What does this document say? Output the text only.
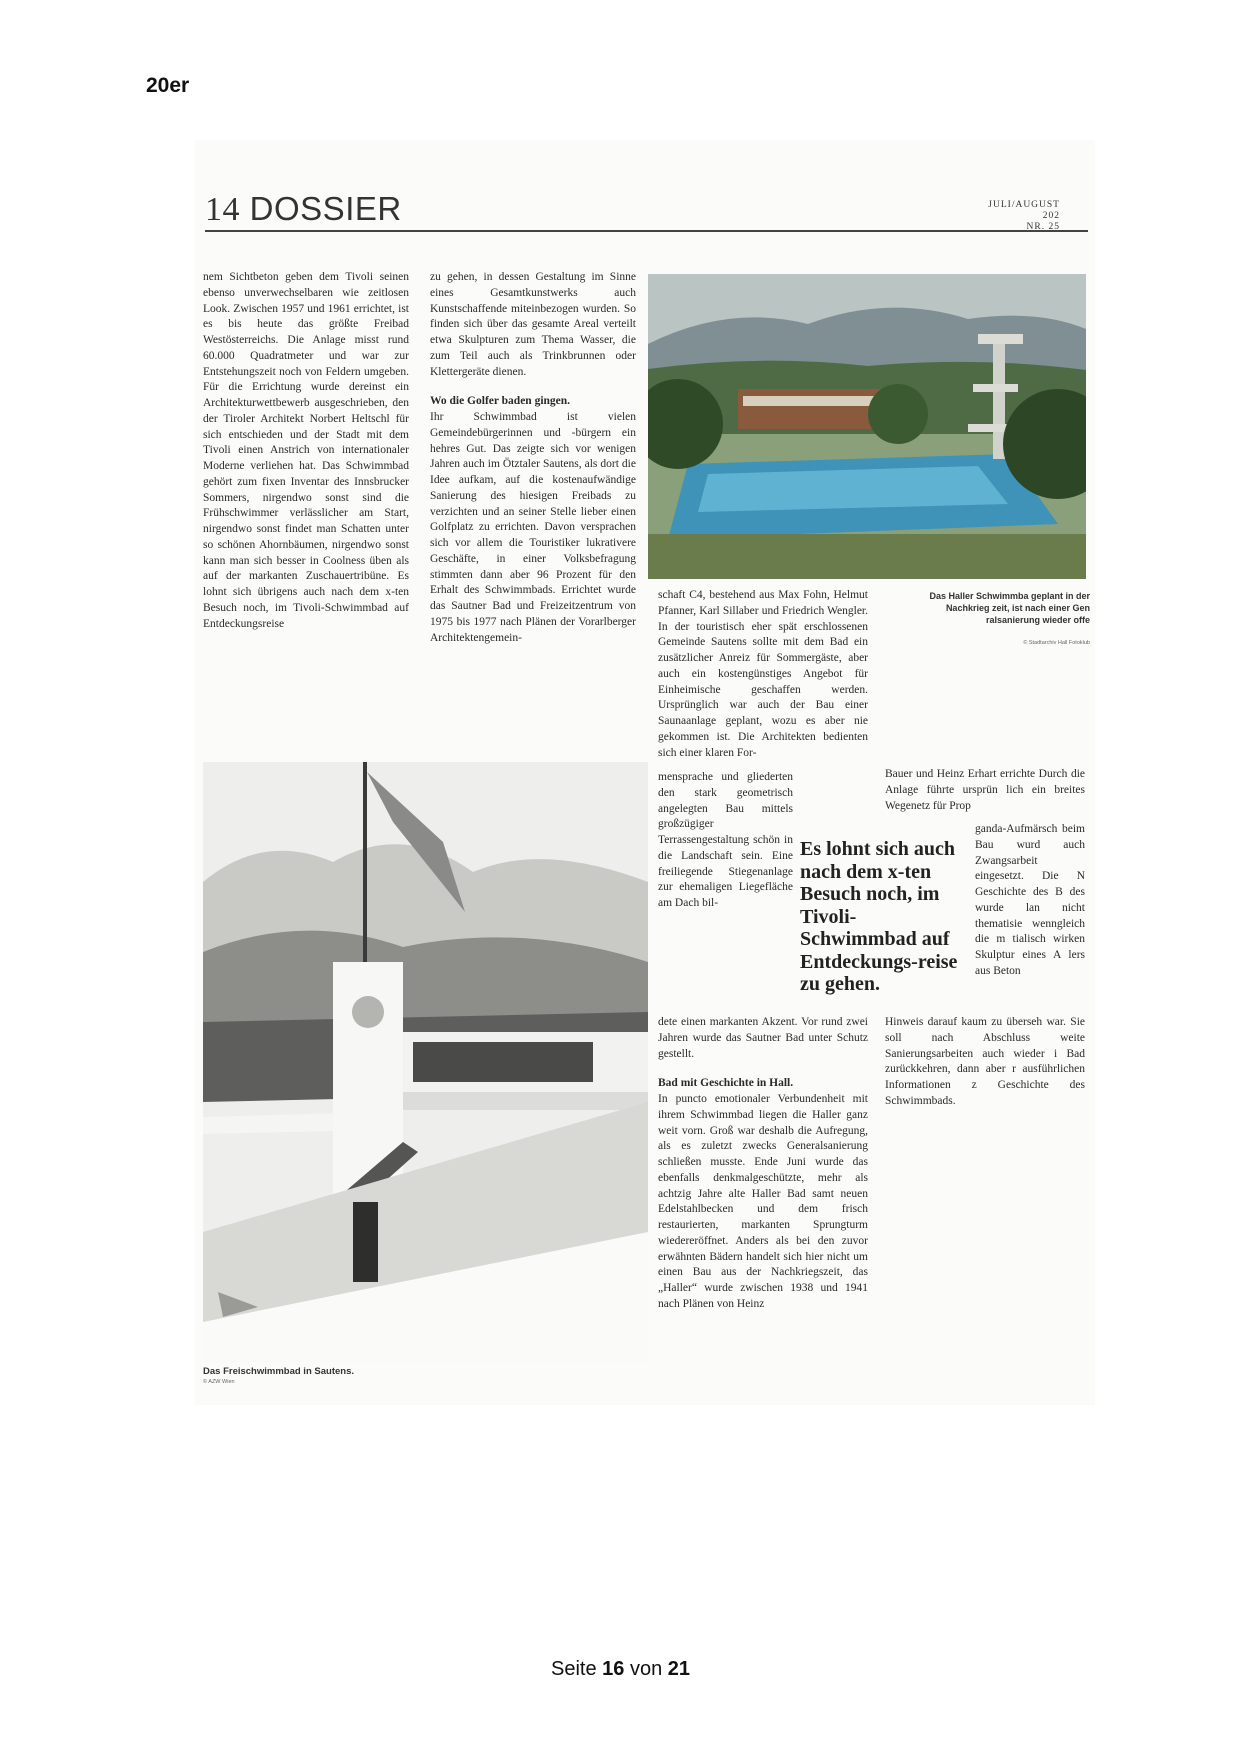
20er
14 DOSSIER	JULI/AUGUST 202
NR. 25

nem Sichtbeton geben dem Tivoli seinen ebenso unverwechselbaren wie zeitlosen Look. Zwischen 1957 und 1961 errichtet, ist es bis heute das größte Freibad Westösterreichs. Die Anlage misst rund 60.000 Quadratmeter und war zur Entstehungszeit noch von Feldern umgeben. Für die Errichtung wurde dereinst ein Architekturwettbewerb ausgeschrieben, den der Tiroler Architekt Norbert Heltschl für sich entschieden und der Stadt mit dem Tivoli einen Anstrich von internationaler Moderne verliehen hat. Das Schwimmbad gehört zum fixen Inventar des Innsbrucker Sommers, nirgendwo sonst sind die Frühschwimmer verlässlicher am Start, nirgendwo sonst findet man Schatten unter so schönen Ahornbäumen, nirgendwo sonst kann man sich besser in Coolness üben als auf der markanten Zuschauertribüne. Es lohnt sich übrigens auch nach dem x-ten Besuch noch, im Tivoli-Schwimmbad auf Entdeckungsreise

zu gehen, in dessen Gestaltung im Sinne eines Gesamtkunstwerks auch Kunstschaffende miteinbezogen wurden. So finden sich über das gesamte Areal verteilt etwa Skulpturen zum Thema Wasser, die zum Teil auch als Trinkbrunnen oder Klettergeräte dienen.

Wo die Golfer baden gingen.

Ihr Schwimmbad ist vielen Gemeindebürgerinnen und -bürgern ein hehres Gut. Das zeigte sich vor wenigen Jahren auch im Ötztaler Sautens, als dort die Idee aufkam, auf die kostenaufwändige Sanierung des hiesigen Freibads zu verzichten und an seiner Stelle lieber einen Golfplatz zu errichten. Davon versprachen sich vor allem die Touristiker lukrativere Geschäfte, in einer Volksbefragung stimmten dann aber 96 Prozent für den Erhalt des Schwimmbads. Errichtet wurde das Sautner Bad und Freizeitzentrum von 1975 bis 1977 nach Plänen der Vorarlberger Architektengemein-

Das Haller Schwimmba geplant in der Nachkrieg zeit, ist nach einer Gen ralsanierung wieder offe
© Stadtarchiv Hall Fotoklub

schaft C4, bestehend aus Max Fohn, Helmut Pfanner, Karl Sillaber und Friedrich Wengler. In der touristisch eher spät erschlossenen Gemeinde Sautens sollte mit dem Bad ein zusätzlicher Anreiz für Sommergäste, aber auch ein kostengünstiges Angebot für Einheimische geschaffen werden. Ursprünglich war auch der Bau einer Saunaanlage geplant, wozu es aber nie gekommen ist. Die Architekten bedienten sich einer klaren For-

mensprache und gliederten den stark geometrisch angelegten Bau mittels großzügiger Terrassengestaltung schön in die Landschaft sein. Eine freiliegende Stiegenanlage zur ehemaligen Liegefläche am Dach bil-

Es lohnt sich auch nach dem x-ten Besuch noch, im Tivoli-Schwimmbad auf Entdeckungs-reise zu gehen.

dete einen markanten Akzent. Vor rund zwei Jahren wurde das Sautner Bad unter Schutz gestellt.

Bad mit Geschichte in Hall.

In puncto emotionaler Verbundenheit mit ihrem Schwimmbad liegen die Haller ganz weit vorn. Groß war deshalb die Aufregung, als es zuletzt zwecks Generalsanierung schließen musste. Ende Juni wurde das ebenfalls denkmalgeschützte, mehr als achtzig Jahre alte Haller Bad samt neuen Edelstahlbecken und dem frisch restaurierten, markanten Sprungturm wiedereröffnet. Anders als bei den zuvor erwähnten Bädern handelt sich hier nicht um einen Bau aus der Nachkriegszeit, das „Haller“ wurde zwischen 1938 und 1941 nach Plänen von Heinz

Bauer und Heinz Erhart errichte Durch die Anlage führte ursprün lich ein breites Wegenetz für Prop

ganda-Aufmärsch beim Bau wurd auch Zwangsarbeit eingesetzt. Die N Geschichte des B des wurde lan nicht thematisie wenngleich die m tialisch wirken Skulptur eines A lers aus Beton

Hinweis darauf kaum zu überseh war. Sie soll nach Abschluss weite Sanierungsarbeiten auch wieder i Bad zurückkehren, dann aber r ausführlichen Informationen z Geschichte des Schwimmbads.

Das Freischwimmbad in Sautens.
© AZW Wien
Seite 16 von 21
